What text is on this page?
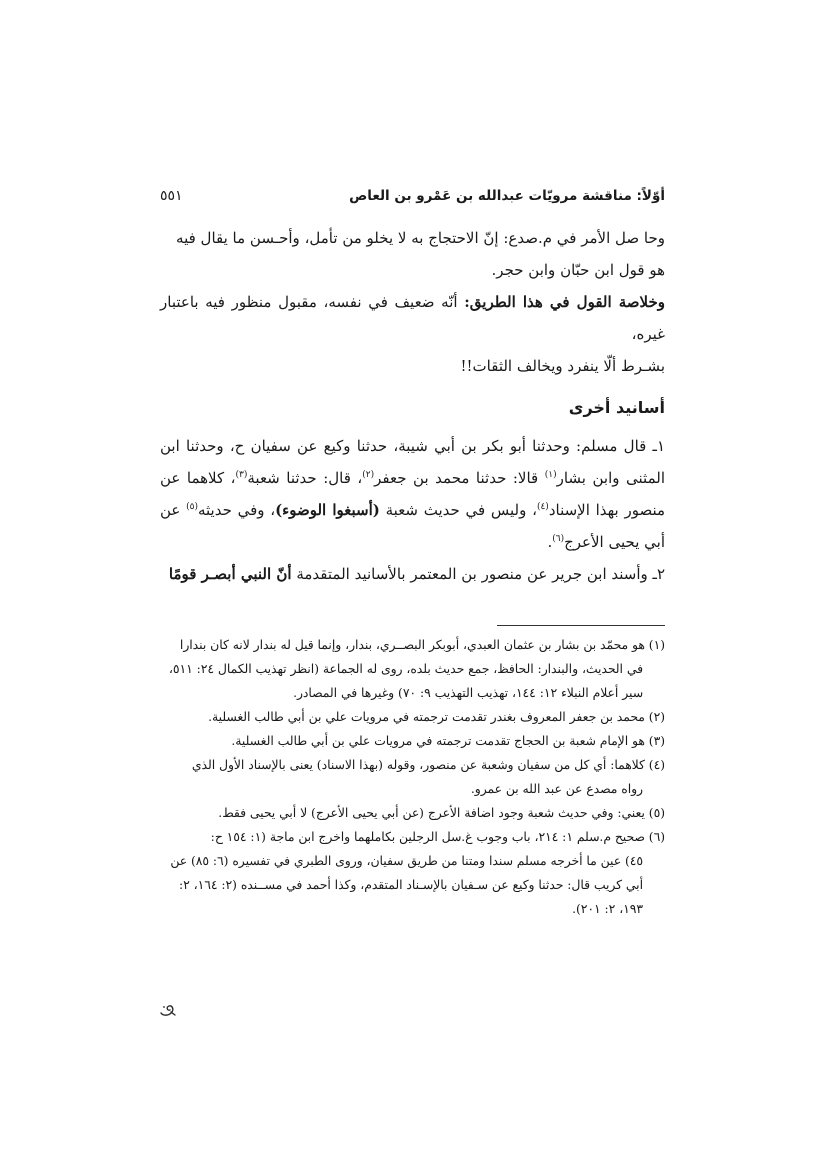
أوّلاً: مناقشة مرويّات عبدالله بن عَمْرو بن العاص
٥٥١

وحا صل الأمر في م.صدع: إنّ الاحتجاج به لا يخلو من تأمل، وأحـسن ما يقال فيه
هو قول ابن حبّان وابن حجر.

وخلاصة القول في هذا الطريق: أنّه ضعيف في نفسه، مقبول منظور فيه باعتبار غيره،
بشـرط ألّا ينفرد ويخالف الثقات!!

أسانيد أخرى

١ـ قال مسلم: وحدثنا أبو بكر بن أبي شيبة، حدثنا وكيع عن سفيان ح، وحدثنا ابن المثنى وابن بشار$^{(١)}$ قالا: حدثنا محمد بن جعفر$^{(٢)}$، قال: حدثنا شعبة$^{(٣)}$، كلاهما عن منصور بهذا الإسناد$^{(٤)}$، وليس في حديث شعبة (أسبغوا الوضوء)، وفي حديثه$^{(٥)}$ عن أبي يحيى الأعرج$^{(٦)}$.

٢ـ وأسند ابن جرير عن منصور بن المعتمر بالأسانيد المتقدمة أنّ النبي أبصـر قومًا

(١) هو محمّد بن بشار بن عثمان العبدي، أبوبكر البصــري، بندار، وإنما قيل له بندار لانه كان بندارا

في الحديث، والبندار: الحافظ، جمع حديث بلده، روى له الجماعة (انظر تهذيب الكمال ٢٤: ٥١١،

سير أعلام النبلاء ١٢: ١٤٤، تهذيب التهذيب ٩: ٧٠) وغيرها في المصادر.

(٢) محمد بن جعفر المعروف بغندر تقدمت ترجمته في مرويات علي بن أبي طالب الغسلية.

(٣) هو الإمام شعبة بن الحجاج تقدمت ترجمته في مرويات علي بن أبي طالب الغسلية.

(٤) كلاهما: أي كل من سفيان وشعبة عن منصور، وقوله (بهذا الاسناد) يعنى بالإسناد الأول الذي

رواه مصدع عن عبد الله بن عمرو.

(٥) يعني: وفي حديث شعبة وجود اضافة الأعرج (عن أبي يحيى الأعرج) لا أبي يحيى فقط.

(٦) صحيح م.سلم ١: ٢١٤، باب وجوب غ.سل الرجلين بكاملهما واخرج ابن ماجة (١: ١٥٤ ح:

٤٥) عين ما أخرجه مسلم سندا ومتنا من طريق سفيان، وروى الطبري في تفسيره (٦: ٨٥) عن

أبي كريب قال: حدثنا وكيع عن سـفيان بالإسـناد المتقدم، وكذا أحمد في مســنده (٢: ١٦٤، ٢:

١٩٣، ٢: ٢٠١).
